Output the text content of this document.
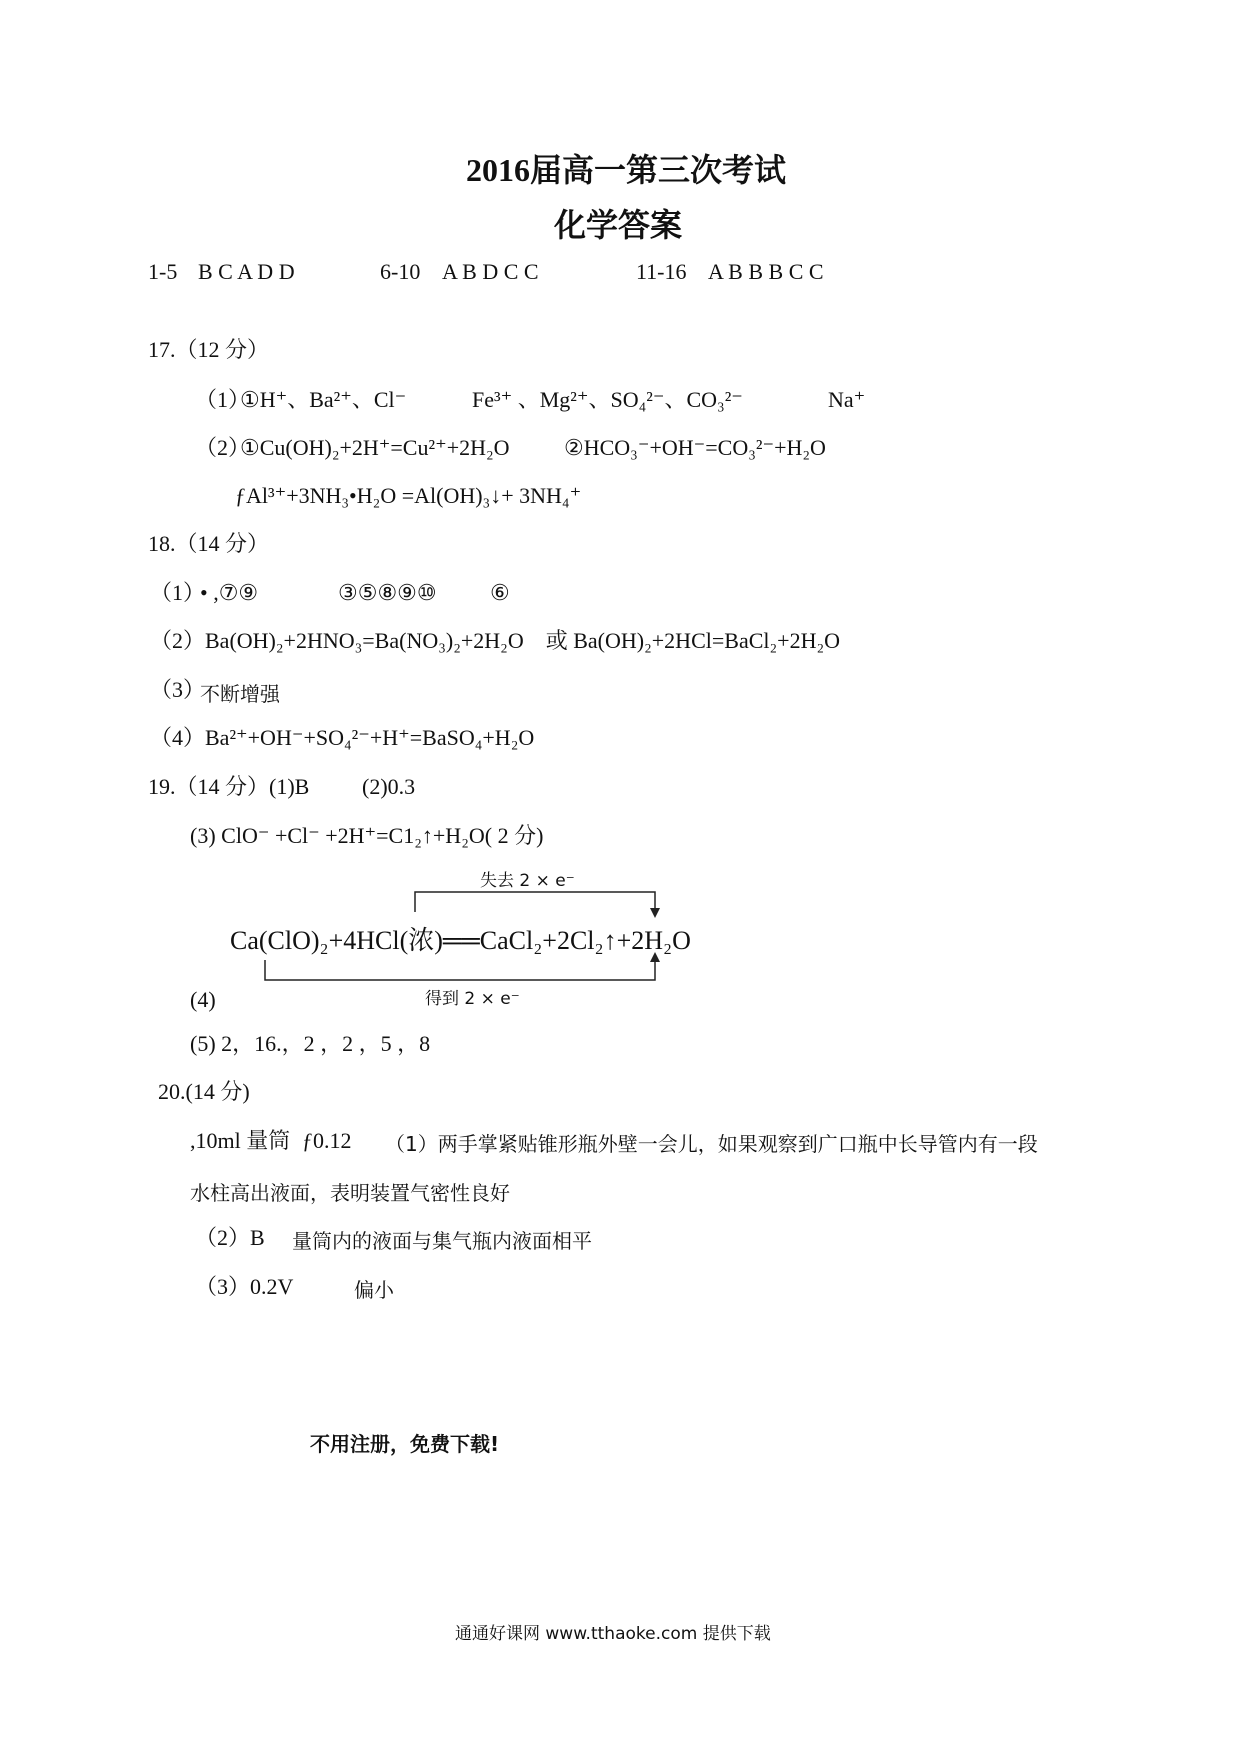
2016届高一第三次考试
化学答案
1-5 B C A D D	6-10 A B D C C	11-16 A B B B C C
17.（12 分）
（1）
①H⁺、Ba²⁺、Cl⁻	Fe³⁺ 、Mg²⁺、SO₄²⁻、CO₃²⁻	Na⁺
（2）
①Cu(OH)₂+2H⁺=Cu²⁺+2H₂O ②HCO₃⁻+OH⁻=CO₃²⁻+H₂O
ƒAl³⁺+3NH₃•H₂O =Al(OH)₃↓+ 3NH₄⁺
18.（14 分）
（1）
• ,⑦⑨	③⑤⑧⑨⑩ ⑥
（2）Ba(OH)₂+2HNO₃=Ba(NO₃)₂+2H₂O　或 Ba(OH)₂+2HCl=BaCl₂+2H₂O
（3）
不断增强
（4）Ba²⁺+OH⁻+SO₄²⁻+H⁺=BaSO₄+H₂O
19.（14 分）(1)B (2)0.3
(3) ClO⁻ +Cl⁻ +2H⁺=C1₂↑+H₂O( 2 分)
失去 2 × e⁻
Ca(ClO)₂+4HCl(浓)══CaCl₂+2Cl₂↑+2H₂O
得到 2 × e⁻
(4)
(5) 2，16.，2 ，2 ，5 ，8
20.(14 分)
,10ml 量筒 ƒ0.12 （1）两手掌紧贴锥形瓶外壁一会儿，如果观察到广口瓶中长导管内有一段
水柱高出液面，表明装置气密性良好
（2）B 量筒内的液面与集气瓶内液面相平
（3）0.2V	偏小
不用注册，免费下载!
通通好课网 www.tthaoke.com 提供下载
